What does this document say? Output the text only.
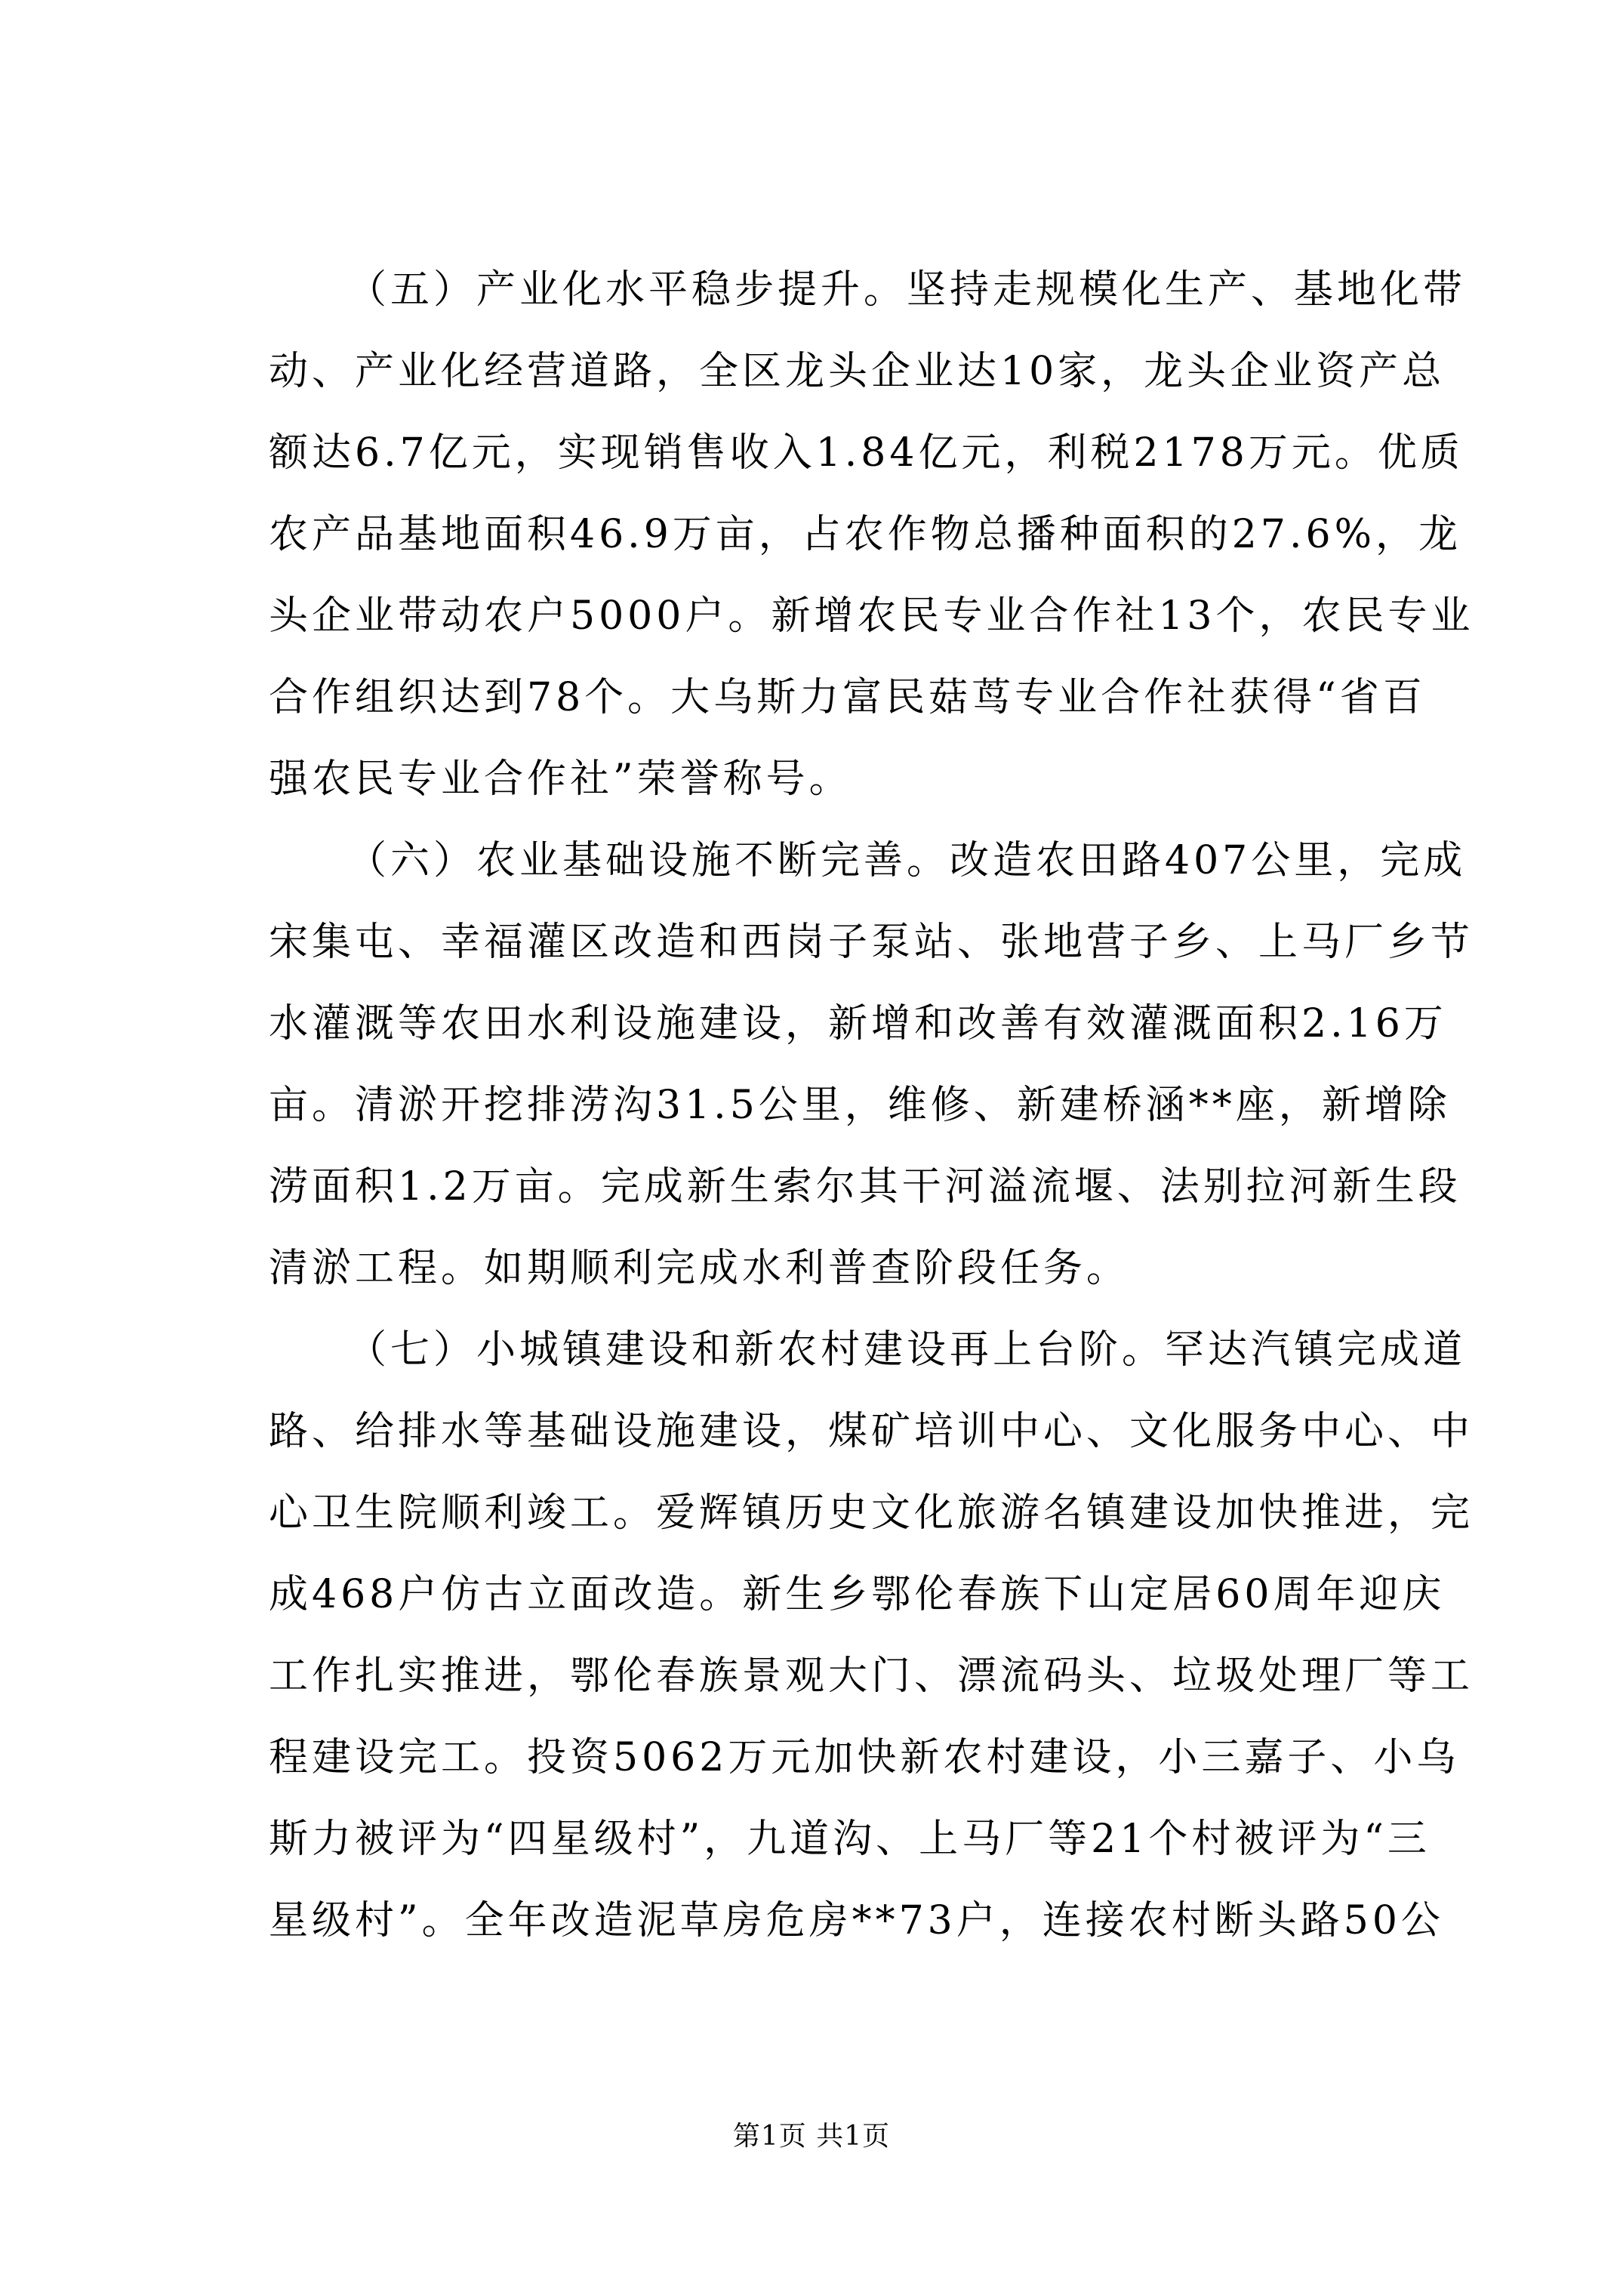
（五）产业化水平稳步提升。坚持走规模化生产、基地化带
动、产业化经营道路，全区龙头企业达10家，龙头企业资产总
额达6.7亿元，实现销售收入1.84亿元，利税2178万元。优质
农产品基地面积46.9万亩，占农作物总播种面积的27.6%，龙
头企业带动农户5000户。新增农民专业合作社13个，农民专业
合作组织达到78个。大乌斯力富民菇茑专业合作社获得“省百
强农民专业合作社”荣誉称号。
（六）农业基础设施不断完善。改造农田路407公里，完成
宋集屯、幸福灌区改造和西岗子泵站、张地营子乡、上马厂乡节
水灌溉等农田水利设施建设，新增和改善有效灌溉面积2.16万
亩。清淤开挖排涝沟31.5公里，维修、新建桥涵**座，新增除
涝面积1.2万亩。完成新生索尔其干河溢流堰、法别拉河新生段
清淤工程。如期顺利完成水利普查阶段任务。
（七）小城镇建设和新农村建设再上台阶。罕达汽镇完成道
路、给排水等基础设施建设，煤矿培训中心、文化服务中心、中
心卫生院顺利竣工。爱辉镇历史文化旅游名镇建设加快推进，完
成468户仿古立面改造。新生乡鄂伦春族下山定居60周年迎庆
工作扎实推进，鄂伦春族景观大门、漂流码头、垃圾处理厂等工
程建设完工。投资5062万元加快新农村建设，小三嘉子、小乌
斯力被评为“四星级村”，九道沟、上马厂等21个村被评为“三
星级村”。全年改造泥草房危房**73户，连接农村断头路50公
第1页 共1页
